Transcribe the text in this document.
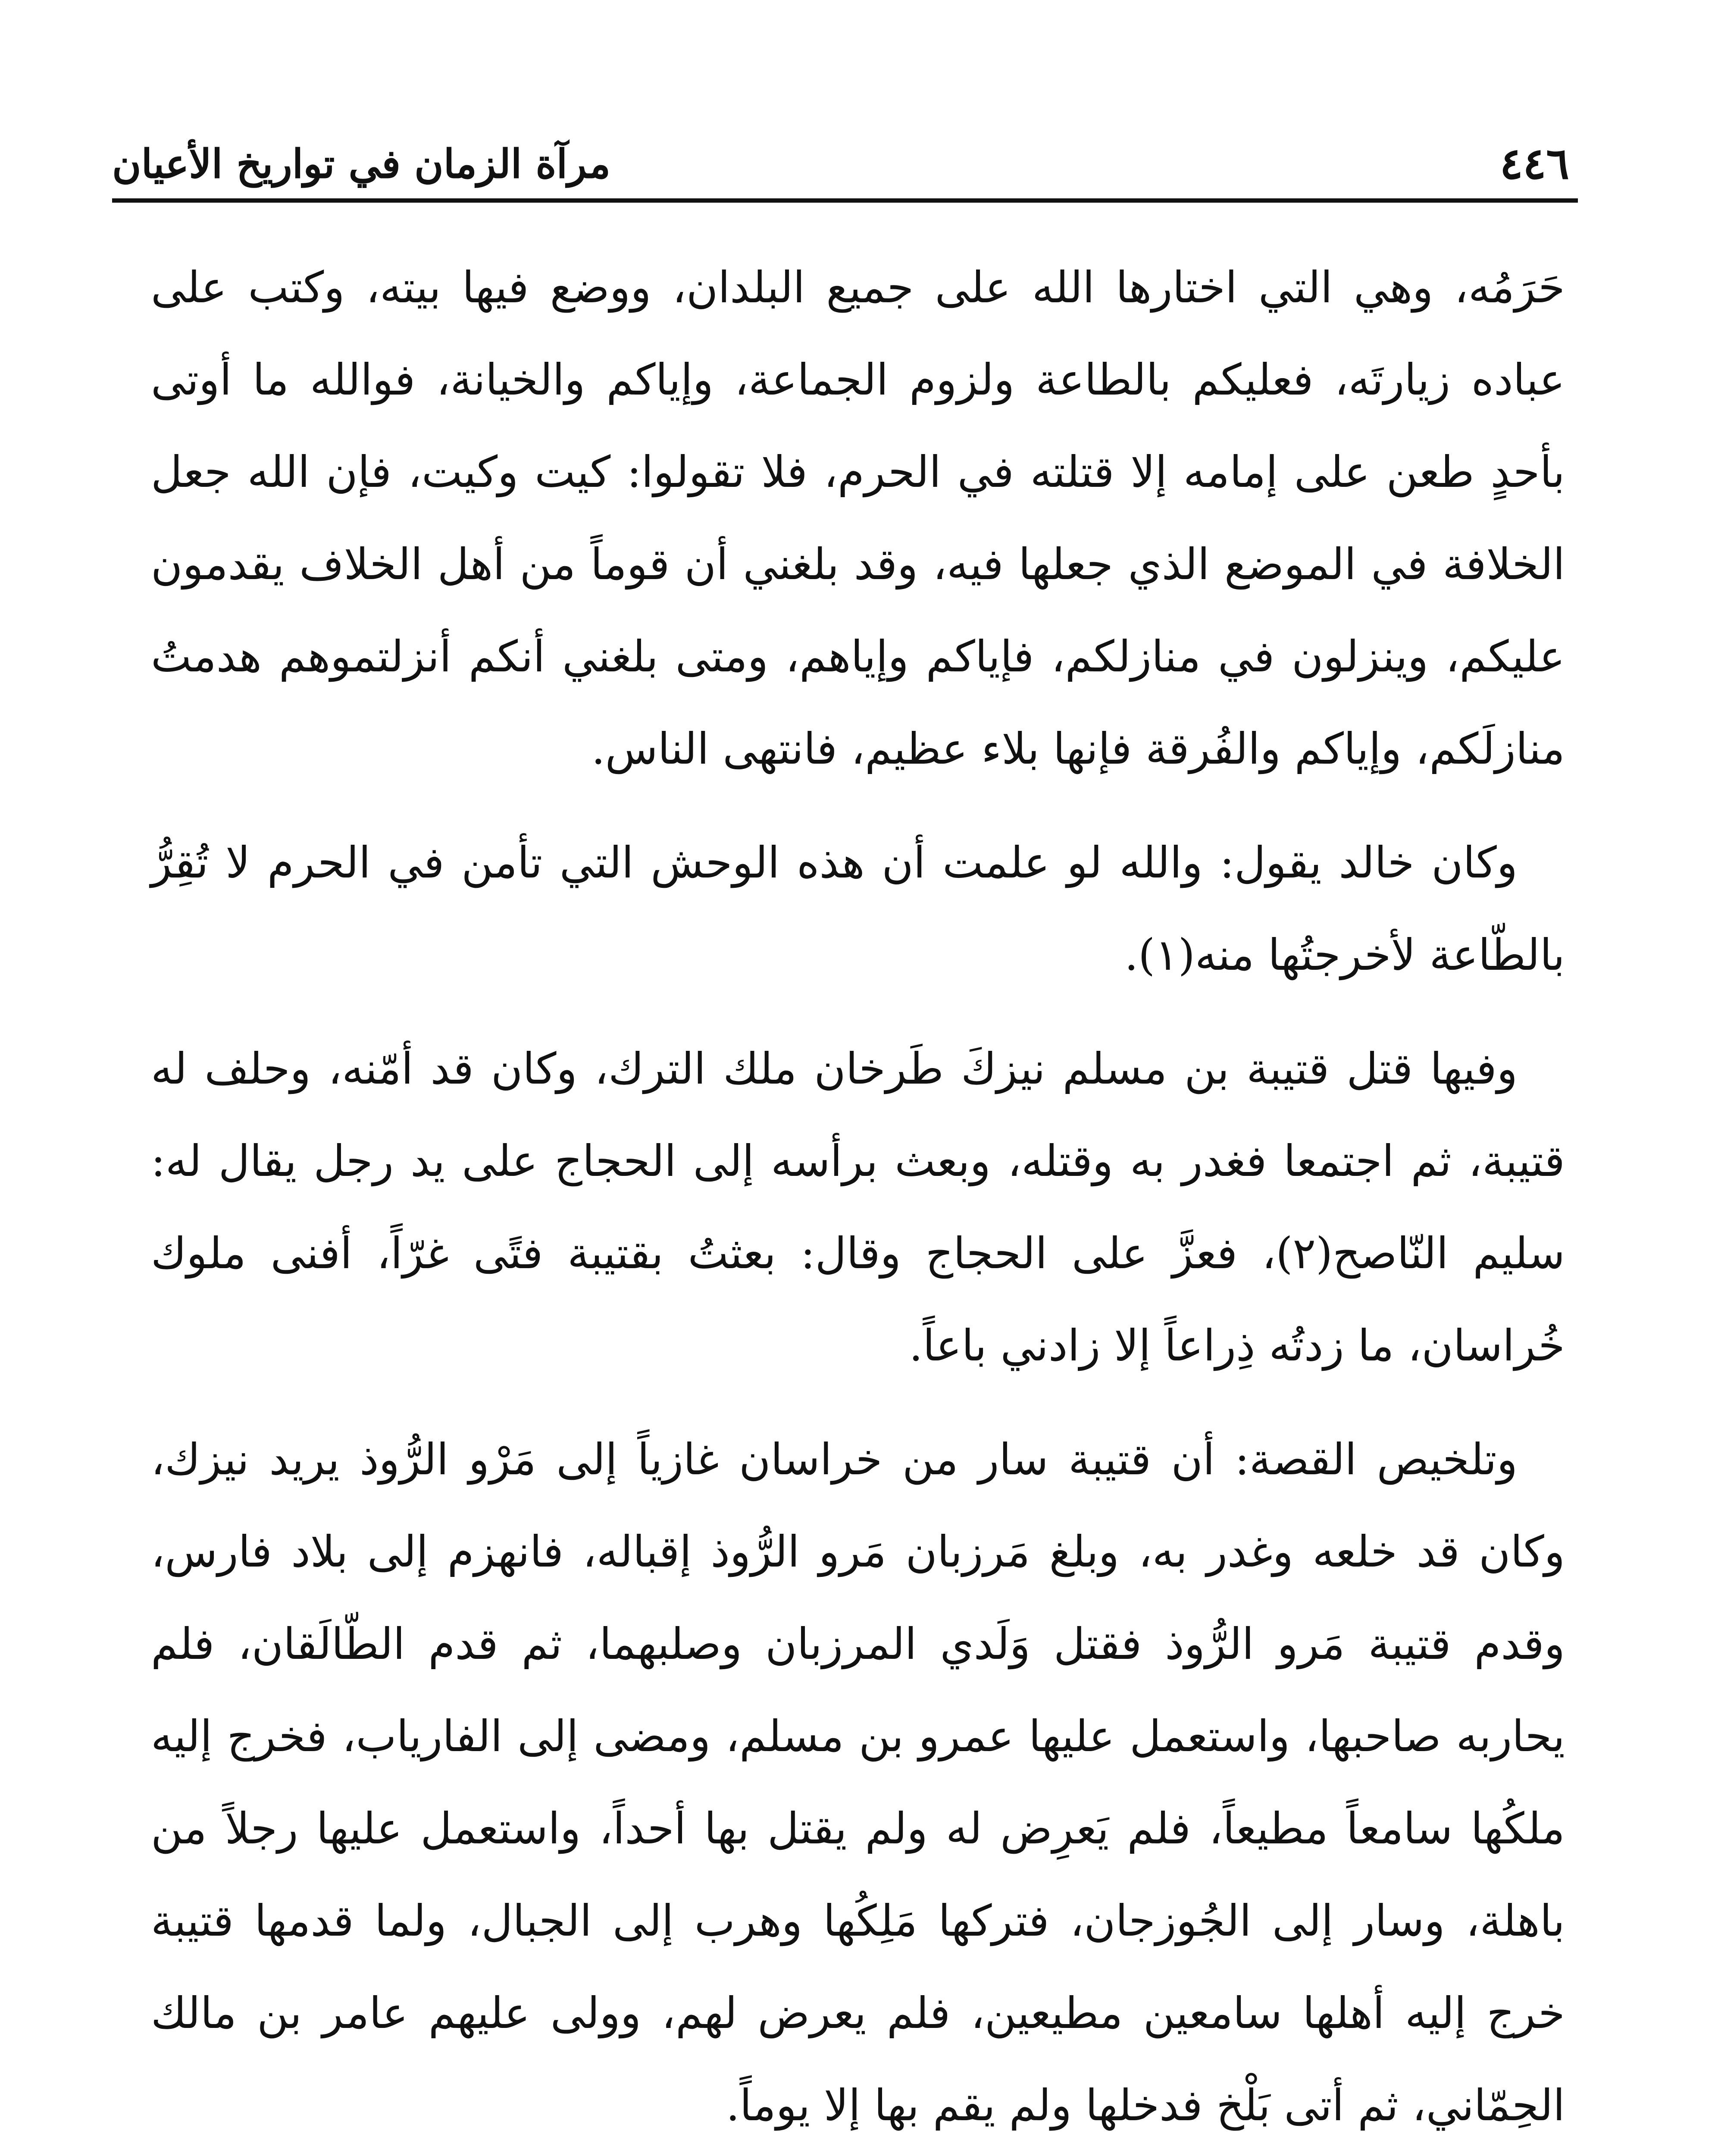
مرآة الزمان في تواريخ الأعيان	٤٤٦

حَرَمُه، وهي التي اختارها الله على جميع البلدان، ووضع فيها بيته، وكتب على عباده زيارتَه، فعليكم بالطاعة ولزوم الجماعة، وإياكم والخيانة، فوالله ما أوتى بأحدٍ طعن على إمامه إلا قتلته في الحرم، فلا تقولوا: كيت وكيت، فإن الله جعل الخلافة في الموضع الذي جعلها فيه، وقد بلغني أن قوماً من أهل الخلاف يقدمون عليكم، وينزلون في منازلكم، فإياكم وإياهم، ومتى بلغني أنكم أنزلتموهم هدمتُ منازلَكم، وإياكم والفُرقة فإنها بلاء عظيم، فانتهى الناس.

وكان خالد يقول: والله لو علمت أن هذه الوحش التي تأمن في الحرم لا تُقِرُّ بالطّاعة لأخرجتُها منه(١).

وفيها قتل قتيبة بن مسلم نيزكَ طَرخان ملك الترك، وكان قد أمّنه، وحلف له قتيبة، ثم اجتمعا فغدر به وقتله، وبعث برأسه إلى الحجاج على يد رجل يقال له: سليم النّاصح(٢)، فعزَّ على الحجاج وقال: بعثتُ بقتيبة فتًى غرّاً، أفنى ملوك خُراسان، ما زدتُه ذِراعاً إلا زادني باعاً.

وتلخيص القصة: أن قتيبة سار من خراسان غازياً إلى مَرْو الرُّوذ يريد نيزك، وكان قد خلعه وغدر به، وبلغ مَرزبان مَرو الرُّوذ إقباله، فانهزم إلى بلاد فارس، وقدم قتيبة مَرو الرُّوذ فقتل وَلَدي المرزبان وصلبهما، ثم قدم الطّالَقان، فلم يحاربه صاحبها، واستعمل عليها عمرو بن مسلم، ومضى إلى الفارياب، فخرج إليه ملكُها سامعاً مطيعاً، فلم يَعرِض له ولم يقتل بها أحداً، واستعمل عليها رجلاً من باهلة، وسار إلى الجُوزجان، فتركها مَلِكُها وهرب إلى الجبال، ولما قدمها قتيبة خرج إليه أهلها سامعين مطيعين، فلم يعرض لهم، وولى عليهم عامر بن مالك الحِمّاني، ثم أتى بَلْخ فدخلها ولم يقم بها إلا يوماً.
